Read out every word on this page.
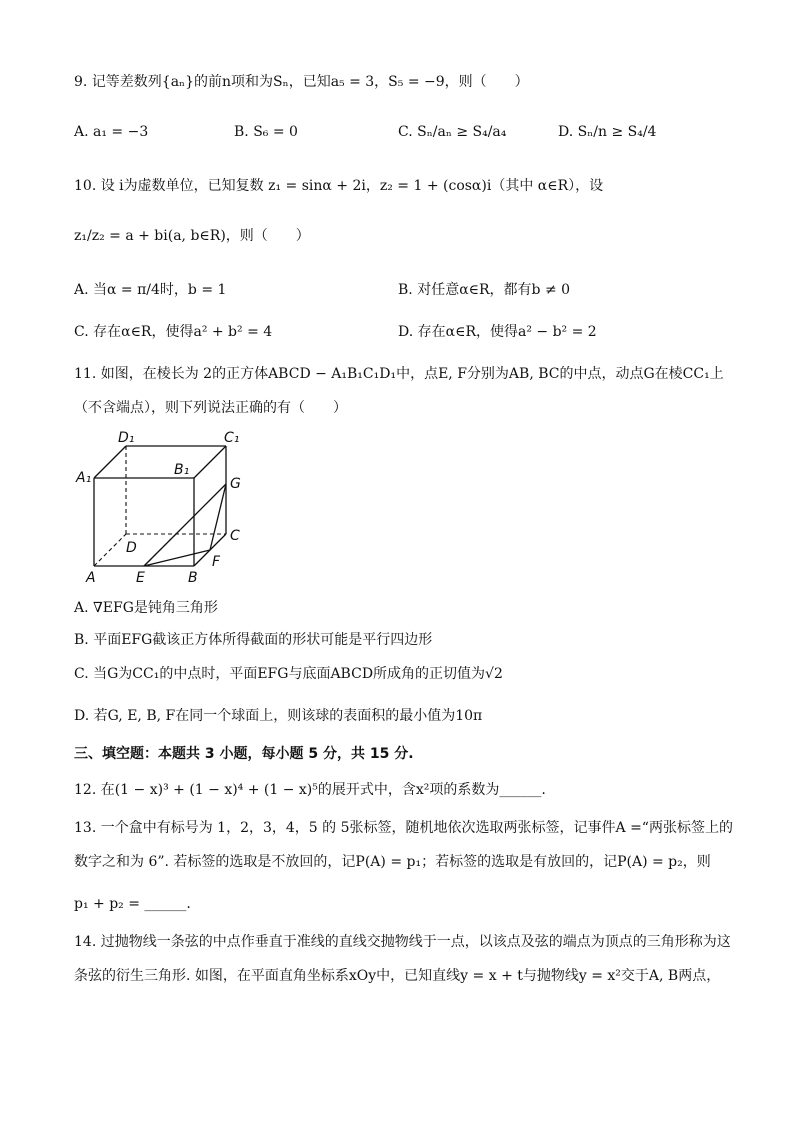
9. 记等差数列{aₙ}的前n项和为Sₙ，已知a₅ = 3，S₅ = −9，则（　　）
A. a₁ = −3	B. S₆ = 0	C. Sₙ/aₙ ≥ S₄/a₄	D. Sₙ/n ≥ S₄/4
10. 设 i为虚数单位，已知复数 z₁ = sinα + 2i，z₂ = 1 + (cosα)i（其中 α∈R），设
z₁/z₂ = a + bi(a, b∈R)，则（　　）
A. 当α = π/4时，b = 1	B. 对任意α∈R，都有b ≠ 0
C. 存在α∈R，使得a² + b² = 4	D. 存在α∈R，使得a² − b² = 2
11. 如图，在棱长为 2的正方体ABCD − A₁B₁C₁D₁中，点E, F分别为AB, BC的中点，动点G在棱CC₁上
（不含端点），则下列说法正确的有（　　）
D₁	C₁
A₁	B₁
G
D
C
A	E	B
F
A. ∇EFG是钝角三角形
B. 平面EFG截该正方体所得截面的形状可能是平行四边形
C. 当G为CC₁的中点时，平面EFG与底面ABCD所成角的正切值为√2
D. 若G, E, B, F在同一个球面上，则该球的表面积的最小值为10π
三、填空题：本题共 3 小题，每小题 5 分，共 15 分.
12. 在(1 − x)³ + (1 − x)⁴ + (1 − x)⁵的展开式中，含x²项的系数为______.
13. 一个盒中有标号为 1，2，3，4，5 的 5张标签，随机地依次选取两张标签，记事件A =“两张标签上的
数字之和为 6”. 若标签的选取是不放回的，记P(A) = p₁；若标签的选取是有放回的，记P(A) = p₂，则
p₁ + p₂ = ______.
14. 过抛物线一条弦的中点作垂直于准线的直线交抛物线于一点，以该点及弦的端点为顶点的三角形称为这
条弦的衍生三角形. 如图，在平面直角坐标系xOy中，已知直线y = x + t与抛物线y = x²交于A, B两点，
